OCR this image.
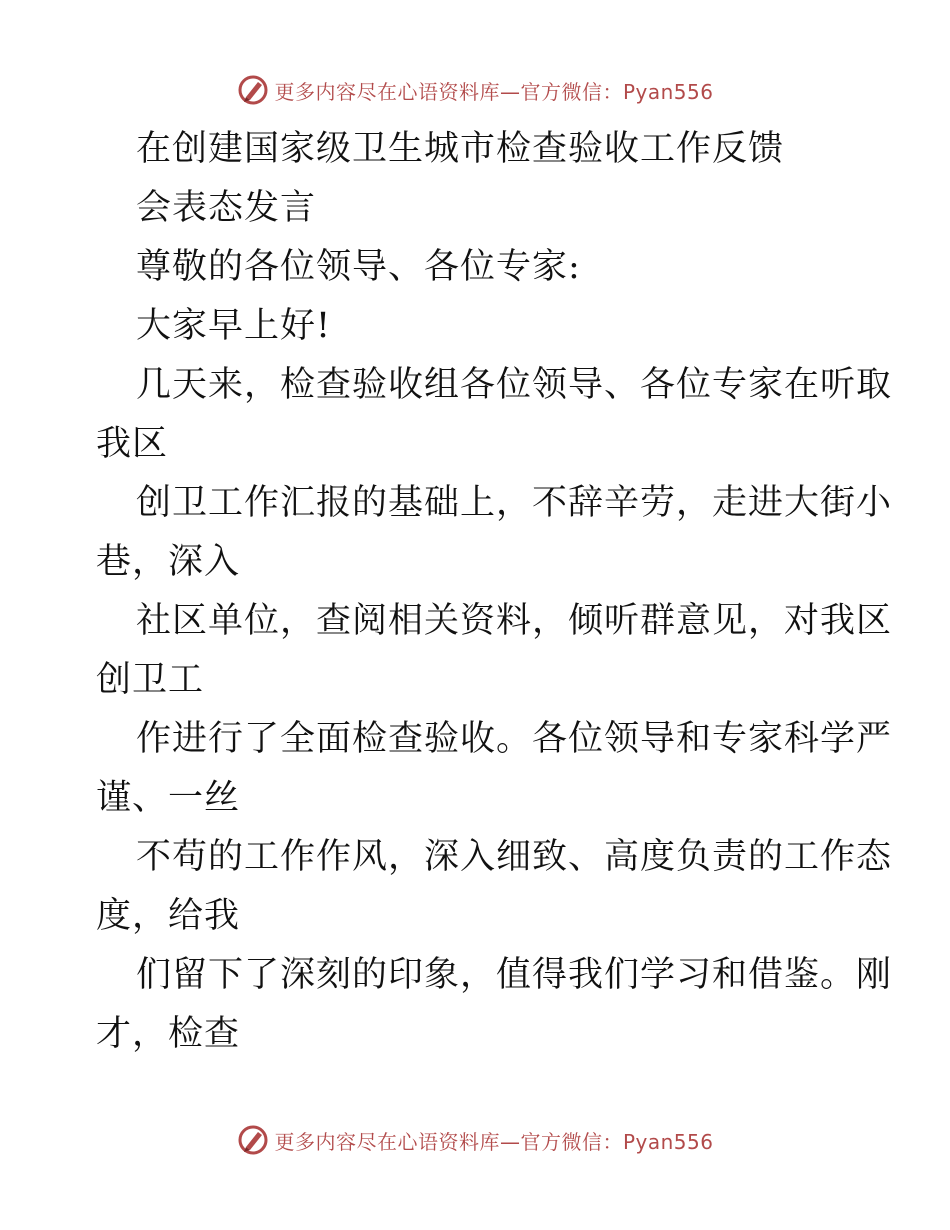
更多内容尽在心语资料库—官方微信：Pyan556
在创建国家级卫生城市检查验收工作反馈
会表态发言
尊敬的各位领导、各位专家:
大家早上好!
几天来，检查验收组各位领导、各位专家在听取
我区
创卫工作汇报的基础上，不辞辛劳，走进大街小
巷，深入
社区单位，查阅相关资料，倾听群意见，对我区
创卫工
作进行了全面检查验收。各位领导和专家科学严
谨、一丝
不苟的工作作风，深入细致、高度负责的工作态
度，给我
们留下了深刻的印象，值得我们学习和借鉴。刚
才，检查
更多内容尽在心语资料库—官方微信：Pyan556
